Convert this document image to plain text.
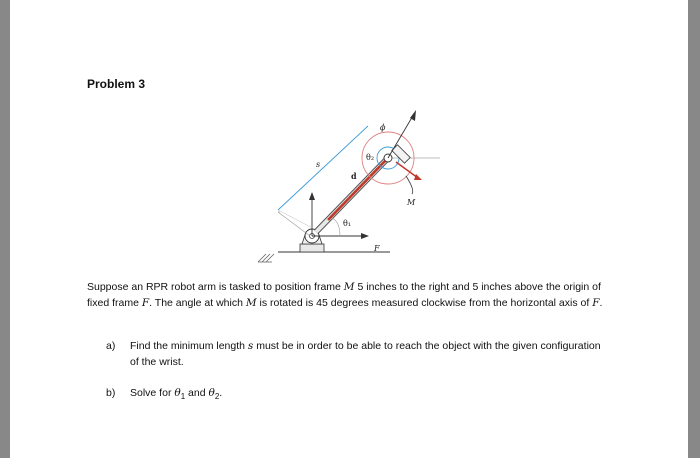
Problem 3
θ₂
θ₁
s
d
ϕ
M
F
Suppose an RPR robot arm is tasked to position frame M 5 inches to the right and 5 inches above the origin of fixed frame F. The angle at which M is rotated is 45 degrees measured clockwise from the horizontal axis of F.
a) Find the minimum length s must be in order to be able to reach the object with the given configuration of the wrist.
b) Solve for $\theta_1$ and $\theta_2$.
